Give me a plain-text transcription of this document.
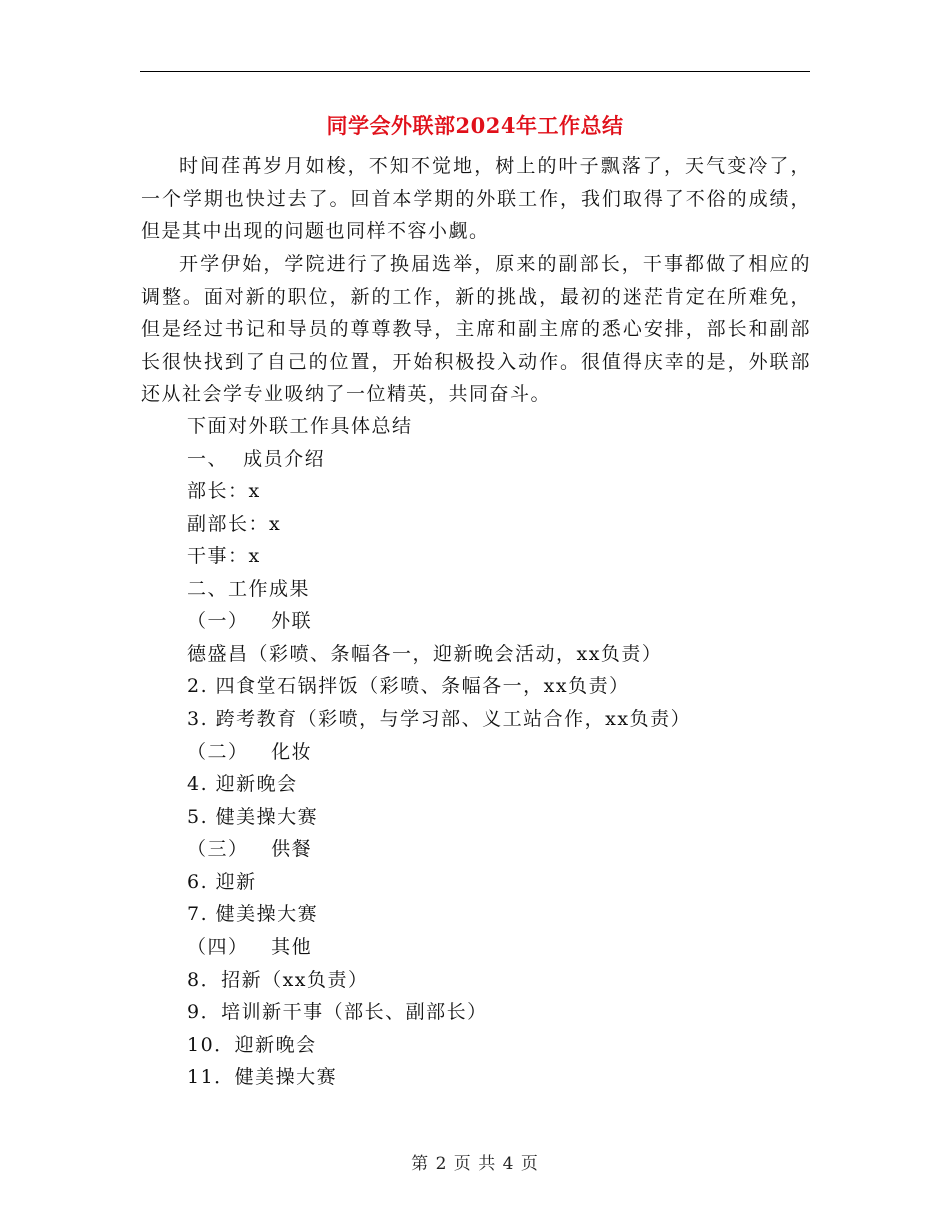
同学会外联部2024年工作总结
时间荏苒岁月如梭，不知不觉地，树上的叶子飘落了，天气变冷了，一个学期也快过去了。回首本学期的外联工作，我们取得了不俗的成绩，但是其中出现的问题也同样不容小觑。
开学伊始，学院进行了换届选举，原来的副部长，干事都做了相应的调整。面对新的职位，新的工作，新的挑战，最初的迷茫肯定在所难免，但是经过书记和导员的尊尊教导，主席和副主席的悉心安排，部长和副部长很快找到了自己的位置，开始积极投入动作。很值得庆幸的是，外联部还从社会学专业吸纳了一位精英，共同奋斗。
下面对外联工作具体总结
一、  成员介绍
部长：x
副部长：x
干事：x
二、工作成果
（一）   外联
德盛昌（彩喷、条幅各一，迎新晚会活动，xx负责）
2. 四食堂石锅拌饭（彩喷、条幅各一，xx负责）
3. 跨考教育（彩喷，与学习部、义工站合作，xx负责）
（二）   化妆
4. 迎新晚会
5. 健美操大赛
（三）   供餐
6. 迎新
7. 健美操大赛
（四）   其他
8．招新（xx负责）
9．培训新干事（部长、副部长）
10．迎新晚会
11．健美操大赛
第 2 页 共 4 页
